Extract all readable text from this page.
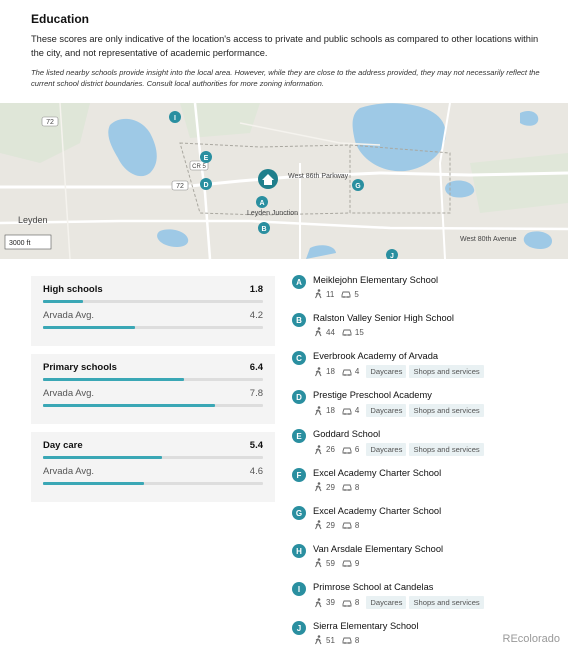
Education
These scores are only indicative of the location's access to private and public schools as compared to other locations within the city, and not representative of academic performance.
The listed nearby schools provide insight into the local area. However, while they are close to the address provided, they may not necessarily reflect the current school district boundaries. Consult local authorities for more zoning information.
72
72
CR 5
West 86th Parkway
Leyden
Leyden Junction
West 80th Avenue
3000 ft
I
E
D	G
A
B
J
High schools	1.8
Arvada Avg.	4.2
Primary schools	6.4
Arvada Avg.	7.8
Day care	5.4
Arvada Avg.	4.6
A	Meiklejohn Elementary School
11	5
B	Ralston Valley Senior High School
44	15
C	Everbrook Academy of Arvada
18	4	Daycares	Shops and services
D	Prestige Preschool Academy
18	4	Daycares	Shops and services
E	Goddard School
26	6	Daycares	Shops and services
F	Excel Academy Charter School
29	8
G	Excel Academy Charter School
29	8
H	Van Arsdale Elementary School
59	9
I	Primrose School at Candelas
39	8	Daycares	Shops and services
J	Sierra Elementary School
51	8	REcolorado
